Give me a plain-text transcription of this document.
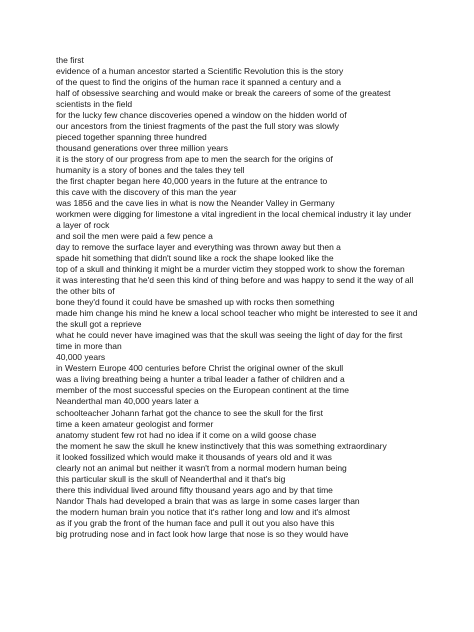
the first
evidence of a human ancestor started a Scientific Revolution this is the story
of the quest to find the origins of the human race it spanned a century and a
half of obsessive searching and would make or break the careers of some of the greatest
scientists in the field
for the lucky few chance discoveries opened a window on the hidden world of
our ancestors from the tiniest fragments of the past the full story was slowly
pieced together spanning three hundred
thousand generations over three million years
it is the story of our progress from ape to men the search for the origins of
humanity is a story of bones and the tales they tell
the first chapter began here 40,000 years in the future at the entrance to
this cave with the discovery of this man the year
was 1856 and the cave lies in what is now the Neander Valley in Germany
workmen were digging for limestone a vital ingredient in the local chemical industry it lay under
a layer of rock
and soil the men were paid a few pence a
day to remove the surface layer and everything was thrown away but then a
spade hit something that didn't sound like a rock the shape looked like the
top of a skull and thinking it might be a murder victim they stopped work to show the foreman
it was interesting that he'd seen this kind of thing before and was happy to send it the way of all
the other bits of
bone they'd found it could have be smashed up with rocks then something
made him change his mind he knew a local school teacher who might be interested to see it and
the skull got a reprieve
what he could never have imagined was that the skull was seeing the light of day for the first
time in more than
40,000 years
in Western Europe 400 centuries before Christ the original owner of the skull
was a living breathing being a hunter a tribal leader a father of children and a
member of the most successful species on the European continent at the time
Neanderthal man 40,000 years later a
schoolteacher Johann farhat got the chance to see the skull for the first
time a keen amateur geologist and former
anatomy student few rot had no idea if it come on a wild goose chase
the moment he saw the skull he knew instinctively that this was something extraordinary
it looked fossilized which would make it thousands of years old and it was
clearly not an animal but neither it wasn't from a normal modern human being
this particular skull is the skull of Neanderthal and it that's big
there this individual lived around fifty thousand years ago and by that time
Nandor Thals had developed a brain that was as large in some cases larger than
the modern human brain you notice that it's rather long and low and it's almost
as if you grab the front of the human face and pull it out you also have this
big protruding nose and in fact look how large that nose is so they would have
